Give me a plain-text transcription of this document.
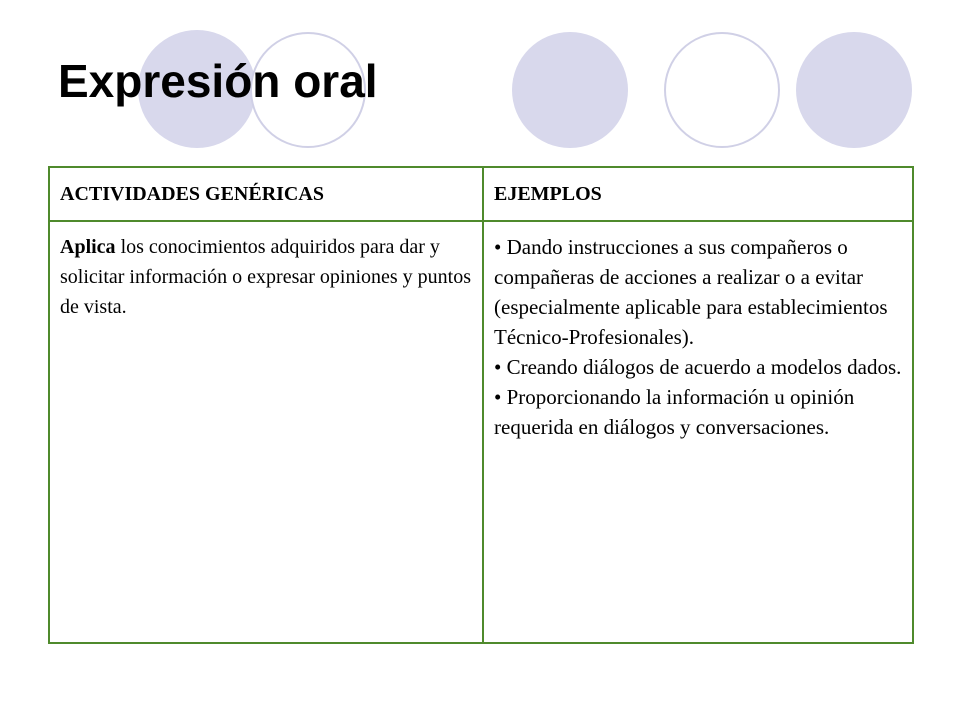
Expresión oral
ACTIVIDADES GENÉRICAS	EJEMPLOS
Aplica los conocimientos adquiridos para dar y solicitar información o expresar opiniones y puntos de vista.	• Dando instrucciones a sus compañeros o compañeras de acciones a realizar o a evitar (especialmente aplicable para establecimientos Técnico-Profesionales).
• Creando diálogos de acuerdo a modelos dados.
• Proporcionando la información u opinión requerida en diálogos y conversaciones.
